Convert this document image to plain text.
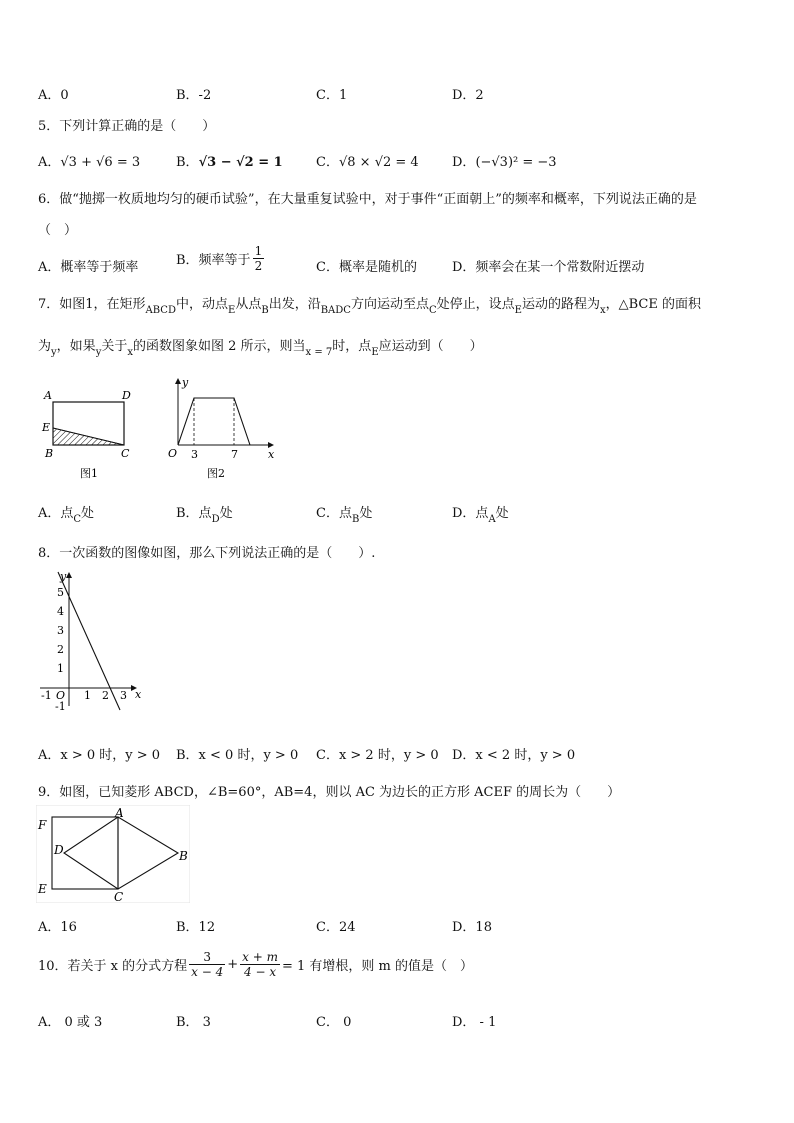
A．0	B．-2	C．1	D．2
5．下列计算正确的是（　　）
A．√3 + √6 = 3	B．√3 − √2 = 1	C．√8 × √2 = 4	D．(−√3)² = −3
6．做“抛掷一枚质地均匀的硬币试验”，在大量重复试验中，对于事件“正面朝上”的频率和概率，下列说法正确的是
（　）
A．概率等于频率	B．频率等于 $\frac{1}{2}$	C．概率是随机的	D．频率会在某一个常数附近摆动
7．如图1，在矩形$_{ABCD}$中，动点$_E$从点$_B$出发，沿$_{BADC}$方向运动至点$_C$处停止，设点$_E$运动的路程为$_x$，△BCE 的面积
为$_y$，如果$_y$关于$_x$的函数图象如图 2 所示，则当$_{x = 7}$时，点$_E$应运动到（　　）
A	D
E
B	C
图1
y
O 3	7	x
图2
A．点$_C$处	B．点$_D$处	C．点$_B$处	D．点$_A$处
8．一次函数的图像如图，那么下列说法正确的是（　　）.
y
x
5
4
3
2
1
-1
-1 O 1 2 3
A．x > 0 时，y > 0 B．x < 0 时，y > 0 C．x > 2 时，y > 0 D．x < 2 时，y > 0
9．如图，已知菱形 ABCD，∠B=60°，AB=4，则以 AC 为边长的正方形 ACEF 的周长为（　　）
F
A
D	B
E
C
A．16	B．12	C．24	D．18
10．若关于 x 的分式方程 $\frac{3}{x - 4} + \frac{x + m}{4 - x} = 1$ 有增根，则 m 的值是（　）
A． 0 或 3	B． 3	C． 0	D． - 1
